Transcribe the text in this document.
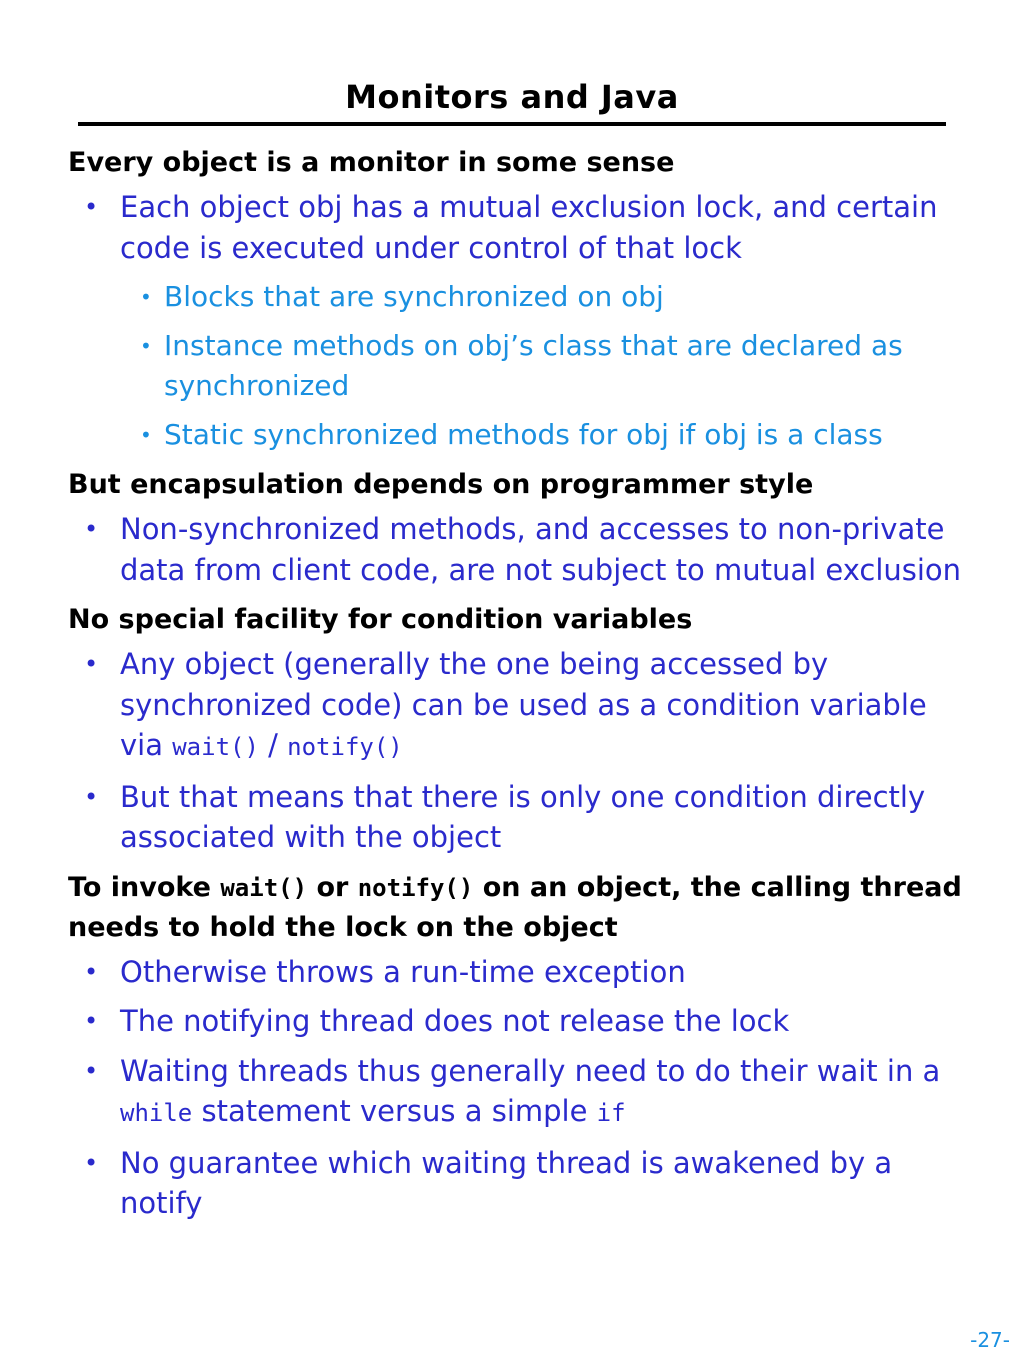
Monitors and Java
Every object is a monitor in some sense
• Each object obj has a mutual exclusion lock, and certain code is executed under control of that lock
• Blocks that are synchronized on obj
• Instance methods on obj’s class that are declared as synchronized
• Static synchronized methods for obj if obj is a class
But encapsulation depends on programmer style
• Non-synchronized methods, and accesses to non-private data from client code, are not subject to mutual exclusion
No special facility for condition variables
• Any object (generally the one being accessed by synchronized code) can be used as a condition variable via wait() / notify()
• But that means that there is only one condition directly associated with the object
To invoke wait() or notify() on an object, the calling thread needs to hold the lock on the object
• Otherwise throws a run-time exception
• The notifying thread does not release the lock
• Waiting threads thus generally need to do their wait in a while statement versus a simple if
• No guarantee which waiting thread is awakened by a notify
-27-
